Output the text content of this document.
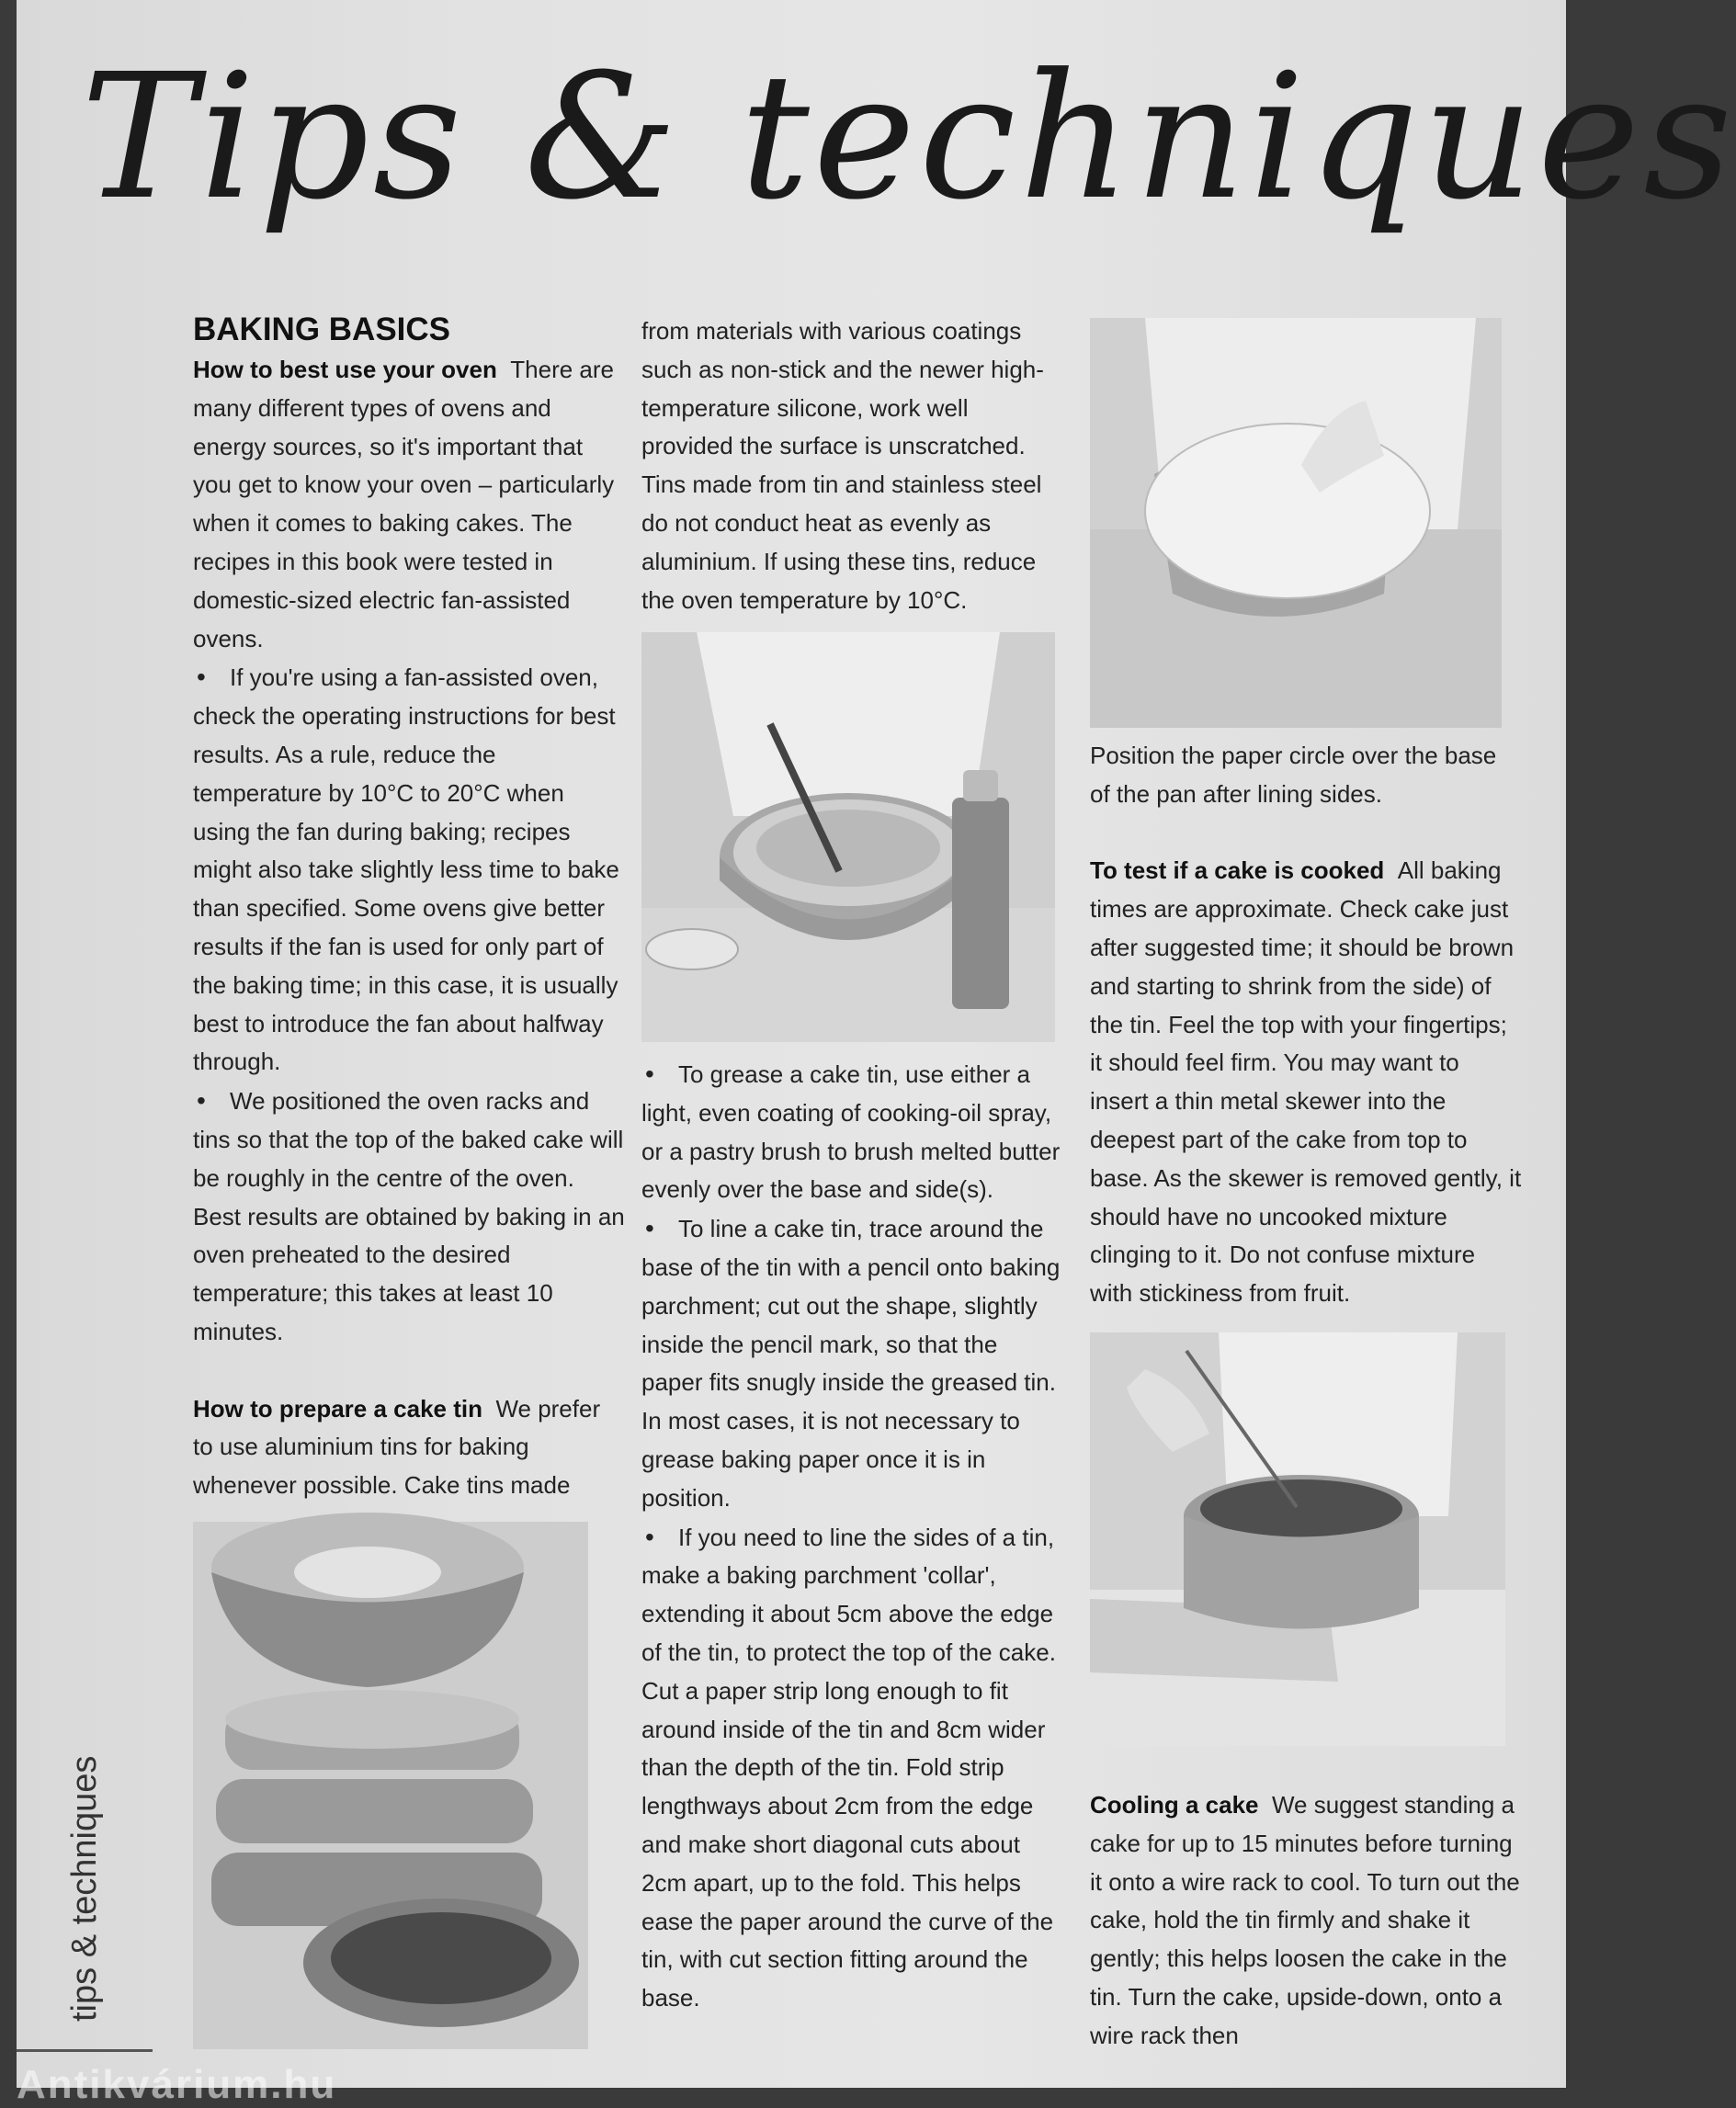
Tips & techniques

BAKING BASICS

How to best use your oven There are many different types of ovens and energy sources, so it's important that you get to know your oven – particularly when it comes to baking cakes. The recipes in this book were tested in domestic-sized electric fan-assisted ovens.

• If you're using a fan-assisted oven, check the operating instructions for best results. As a rule, reduce the temperature by 10°C to 20°C when using the fan during baking; recipes might also take slightly less time to bake than specified. Some ovens give better results if the fan is used for only part of the baking time; in this case, it is usually best to introduce the fan about halfway through.

• We positioned the oven racks and tins so that the top of the baked cake will be roughly in the centre of the oven. Best results are obtained by baking in an oven preheated to the desired temperature; this takes at least 10 minutes.

How to prepare a cake tin We prefer to use aluminium tins for baking whenever possible. Cake tins made

from materials with various coatings such as non-stick and the newer high-temperature silicone, work well provided the surface is unscratched. Tins made from tin and stainless steel do not conduct heat as evenly as aluminium. If using these tins, reduce the oven temperature by 10°C.

• To grease a cake tin, use either a light, even coating of cooking-oil spray, or a pastry brush to brush melted butter evenly over the base and side(s).

• To line a cake tin, trace around the base of the tin with a pencil onto baking parchment; cut out the shape, slightly inside the pencil mark, so that the paper fits snugly inside the greased tin. In most cases, it is not necessary to grease baking paper once it is in position.

• If you need to line the sides of a tin, make a baking parchment 'collar', extending it about 5cm above the edge of the tin, to protect the top of the cake. Cut a paper strip long enough to fit around inside of the tin and 8cm wider than the depth of the tin. Fold strip lengthways about 2cm from the edge and make short diagonal cuts about 2cm apart, up to the fold. This helps ease the paper around the curve of the tin, with cut section fitting around the base.

Position the paper circle over the base of the pan after lining sides.

To test if a cake is cooked All baking times are approximate. Check cake just after suggested time; it should be brown and starting to shrink from the side) of the tin. Feel the top with your fingertips; it should feel firm. You may want to insert a thin metal skewer into the deepest part of the cake from top to base. As the skewer is removed gently, it should have no uncooked mixture clinging to it. Do not confuse mixture with stickiness from fruit.

Cooling a cake We suggest standing a cake for up to 15 minutes before turning it onto a wire rack to cool. To turn out the cake, hold the tin firmly and shake it gently; this helps loosen the cake in the tin. Turn the cake, upside-down, onto a wire rack then

tips & techniques
Antikvárium.hu
